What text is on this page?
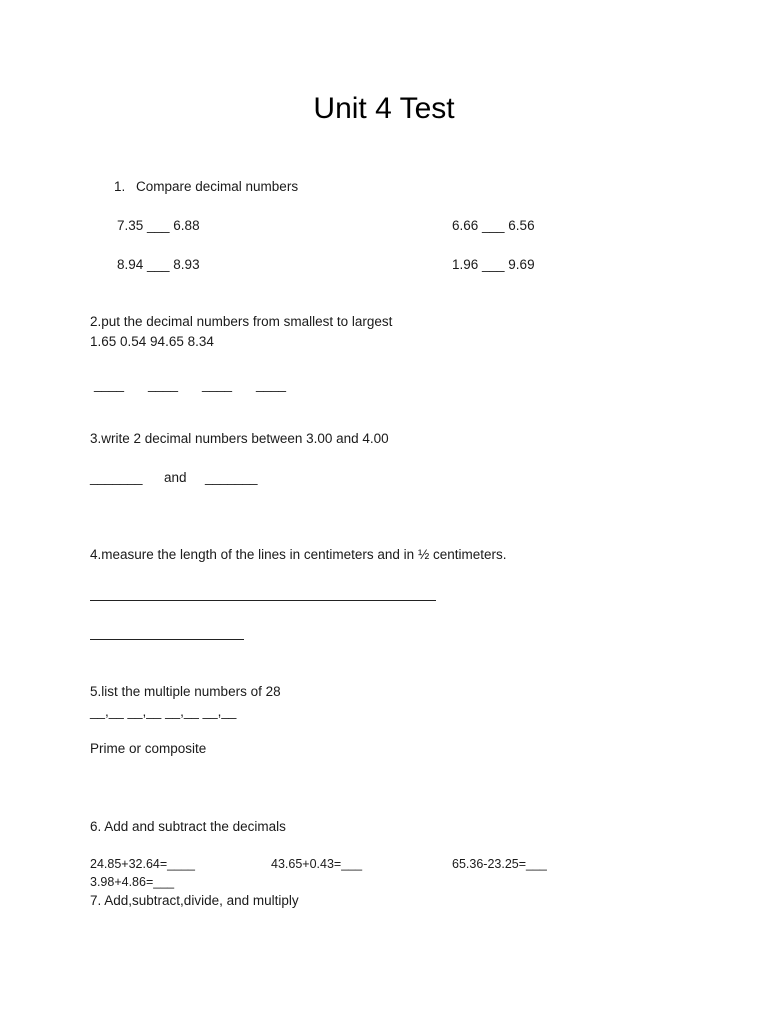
Unit 4 Test
1. Compare decimal numbers
7.35 ___ 6.88	6.66 ___ 6.56
8.94 ___ 8.93	1.96 ___ 9.69
2.put the decimal numbers from smallest to largest
1.65 0.54 94.65 8.34
____ ____ ____ ____
3.write 2 decimal numbers between 3.00 and 4.00
_______ and _______
4.measure the length of the lines in centimeters and in ½ centimeters.
5.list the multiple numbers of 28
__,__ __,__ __,__ __,__
Prime or composite
6. Add and subtract the decimals
24.85+32.64=____	43.65+0.43=___	65.36-23.25=___
3.98+4.86=___
7. Add,subtract,divide, and multiply
